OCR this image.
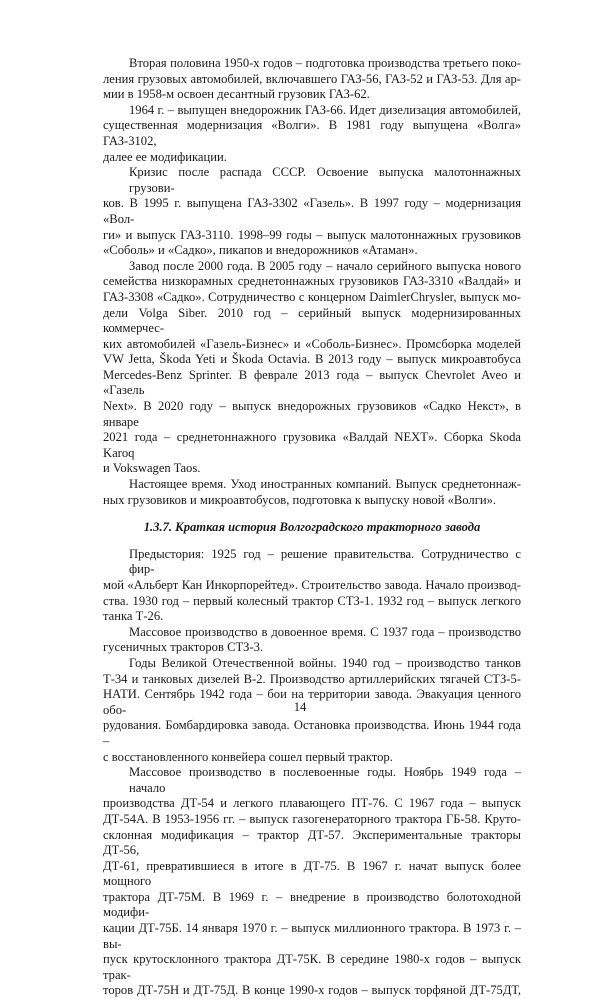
Вторая половина 1950-х годов – подготовка производства третьего поко-
ления грузовых автомобилей, включавшего ГАЗ-56, ГАЗ-52 и ГАЗ-53. Для ар-
мии в 1958-м освоен десантный грузовик ГАЗ-62.
1964 г. – выпущен внедорожник ГАЗ-66. Идет дизелизация автомобилей,
существенная модернизация «Волги». В 1981 году выпущена «Волга» ГАЗ-3102,
далее ее модификации.
Кризис после распада СССР. Освоение выпуска малотоннажных грузови-
ков. В 1995 г. выпущена ГАЗ-3302 «Газель». В 1997 году – модернизация «Вол-
ги» и выпуск ГАЗ-3110. 1998–99 годы – выпуск малотоннажных грузовиков
«Соболь» и «Садко», пикапов и внедорожников «Атаман».
Завод после 2000 года. В 2005 году – начало серийного выпуска нового
семейства низкорамных среднетоннажных грузовиков ГАЗ-3310 «Валдай» и
ГАЗ-3308 «Садко». Сотрудничество с концерном DaimlerChrysler, выпуск мо-
дели Volga Siber. 2010 год – серийный выпуск модернизированных коммерчес-
ких автомобилей «Газель-Бизнес» и «Соболь-Бизнес». Промсборка моделей
VW Jetta, Škoda Yeti и Škoda Octavia. В 2013 году – выпуск микроавтобуса
Mercedes-Benz Sprinter. В феврале 2013 года – выпуск Chevrolet Aveo и «Газель
Next». В 2020 году – выпуск внедорожных грузовиков «Садко Некст», в январе
2021 года – среднетоннажного грузовика «Валдай NEXT». Сборка Skoda Karoq
и Vokswagen Taos.
Настоящее время. Уход иностранных компаний. Выпуск среднетоннаж-
ных грузовиков и микроавтобусов, подготовка к выпуску новой «Волги».
1.3.7. Краткая история Волгоградского тракторного завода
Предыстория: 1925 год – решение правительства. Сотрудничество с фир-
мой «Альберт Кан Инкорпорейтед». Строительство завода. Начало производ-
ства. 1930 год – первый колесный трактор СТЗ-1. 1932 год – выпуск легкого
танка Т-26.
Массовое производство в довоенное время. С 1937 года – производство
гусеничных тракторов СТЗ-3.
Годы Великой Отечественной войны. 1940 год – производство танков
Т-34 и танковых дизелей В-2. Производство артиллерийских тягачей СТЗ-5-
НАТИ. Сентябрь 1942 года – бои на территории завода. Эвакуация ценного обо-
рудования. Бомбардировка завода. Остановка производства. Июнь 1944 года –
с восстановленного конвейера сошел первый трактор.
Массовое производство в послевоенные годы. Ноябрь 1949 года – начало
производства ДТ-54 и легкого плавающего ПТ-76. С 1967 года – выпуск
ДТ-54А. В 1953-1956 гг. – выпуск газогенераторного трактора ГБ-58. Круто-
склонная модификация – трактор ДТ-57. Экспериментальные тракторы ДТ-56,
ДТ-61, превратившиеся в итоге в ДТ-75. В 1967 г. начат выпуск более мощного
трактора ДТ-75М. В 1969 г. – внедрение в производство болотоходной модифи-
кации ДТ-75Б. 14 января 1970 г. – выпуск миллионного трактора. В 1973 г. – вы-
пуск крутосклонного трактора ДТ-75К. В середине 1980-х годов – выпуск трак-
торов ДТ-75Н и ДТ-75Д. В конце 1990-х годов – выпуск торфяной ДТ-75ДТ,
14
